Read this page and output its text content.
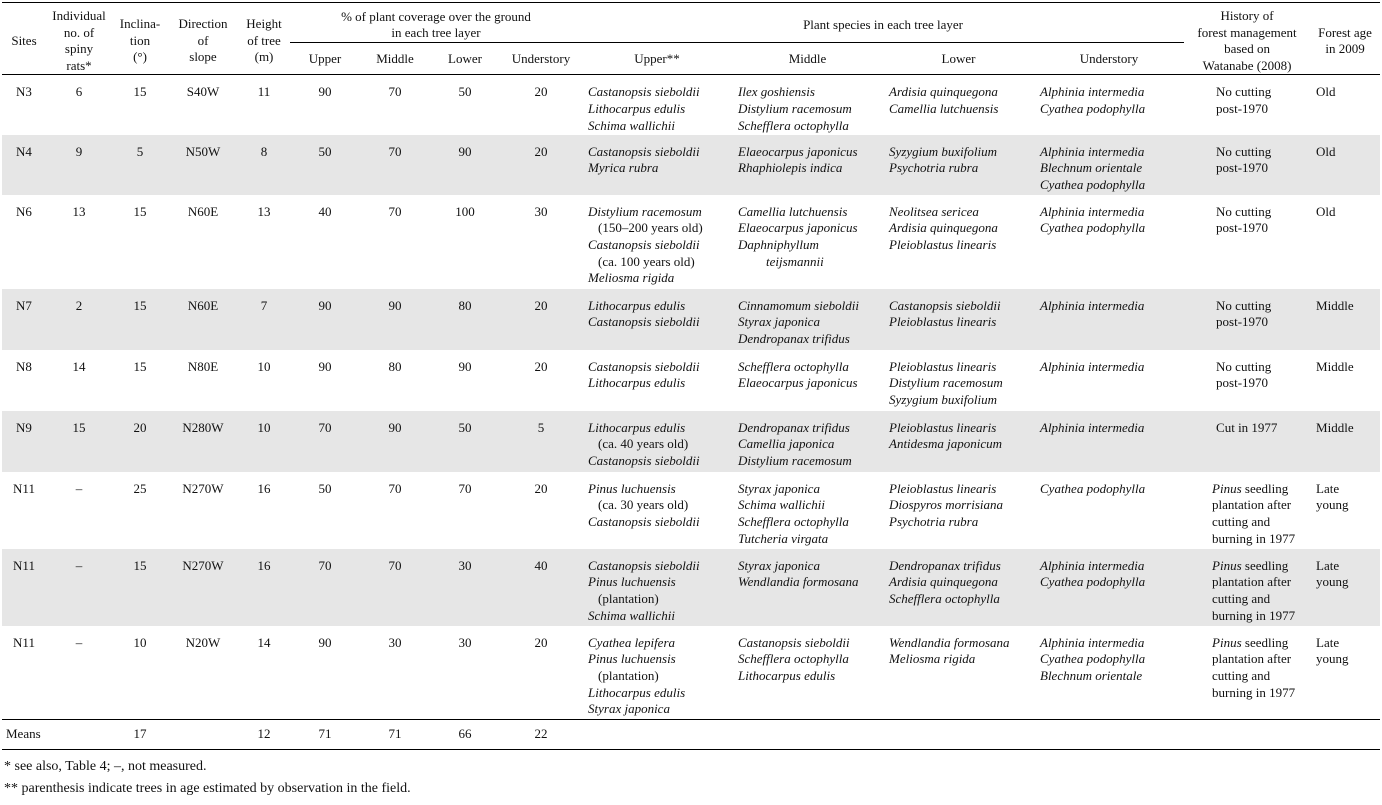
Sites	Individual
no. of
spiny
rats*	Inclina-
tion
(°)	Direction
of
slope	Height
of tree
(m)	% of plant coverage over the ground
in each tree layer				Plant species in each tree layer				History of
forest management
based on
Watanabe (2008)	Forest age
in 2009

					Upper	Middle	Lower	Understory	Upper**	Middle	Lower	Understory		
N3	6	15	S40W	11	90	70	50	20	Castanopsis sieboldii
Lithocarpus edulis
Schima wallichii	Ilex goshiensis
Distylium racemosum
Schefflera octophylla	Ardisia quinquegona
Camellia lutchuensis	Alphinia intermedia
Cyathea podophylla	No cutting
post-1970	Old

N4	9	5	N50W	8	50	70	90	20	Castanopsis sieboldii
Myrica rubra	Elaeocarpus japonicus
Rhaphiolepis indica	Syzygium buxifolium
Psychotria rubra	Alphinia intermedia
Blechnum orientale
Cyathea podophylla	No cutting
post-1970	Old

N6	13	15	N60E	13	40	70	100	30	Distylium racemosum
(150–200 years old)
Castanopsis sieboldii
(ca. 100 years old)
Meliosma rigida	Camellia lutchuensis
Elaeocarpus japonicus
Daphniphyllum
teijsmannii	Neolitsea sericea
Ardisia quinquegona
Pleioblastus linearis	Alphinia intermedia
Cyathea podophylla	No cutting
post-1970	Old

N7	2	15	N60E	7	90	90	80	20	Lithocarpus edulis
Castanopsis sieboldii	Cinnamomum sieboldii
Styrax japonica
Dendropanax trifidus	Castanopsis sieboldii
Pleioblastus linearis	Alphinia intermedia	No cutting
post-1970	Middle

N8	14	15	N80E	10	90	80	90	20	Castanopsis sieboldii
Lithocarpus edulis	Schefflera octophylla
Elaeocarpus japonicus	Pleioblastus linearis
Distylium racemosum
Syzygium buxifolium	Alphinia intermedia	No cutting
post-1970	Middle

N9	15	20	N280W	10	70	90	50	5	Lithocarpus edulis
(ca. 40 years old)
Castanopsis sieboldii	Dendropanax trifidus
Camellia japonica
Distylium racemosum	Pleioblastus linearis
Antidesma japonicum	Alphinia intermedia	Cut in 1977	Middle

N11	–	25	N270W	16	50	70	70	20	Pinus luchuensis
(ca. 30 years old)
Castanopsis sieboldii	Styrax japonica
Schima wallichii
Schefflera octophylla
Tutcheria virgata	Pleioblastus linearis
Diospyros morrisiana
Psychotria rubra	Cyathea podophylla	Pinus seedling
plantation after
cutting and
burning in 1977	Late
young

N11	–	15	N270W	16	70	70	30	40	Castanopsis sieboldii
Pinus luchuensis
(plantation)
Schima wallichii	Styrax japonica
Wendlandia formosana	Dendropanax trifidus
Ardisia quinquegona
Schefflera octophylla	Alphinia intermedia
Cyathea podophylla	Pinus seedling
plantation after
cutting and
burning in 1977	Late
young

N11	–	10	N20W	14	90	30	30	20	Cyathea lepifera
Pinus luchuensis
(plantation)
Lithocarpus edulis
Styrax japonica	Castanopsis sieboldii
Schefflera octophylla
Lithocarpus edulis	Wendlandia formosana
Meliosma rigida	Alphinia intermedia
Cyathea podophylla
Blechnum orientale	Pinus seedling
plantation after
cutting and
burning in 1977	Late
young

Means		17		12	71	71	66	22						
* see also, Table 4; –, not measured.
** parenthesis indicate trees in age estimated by observation in the field.
